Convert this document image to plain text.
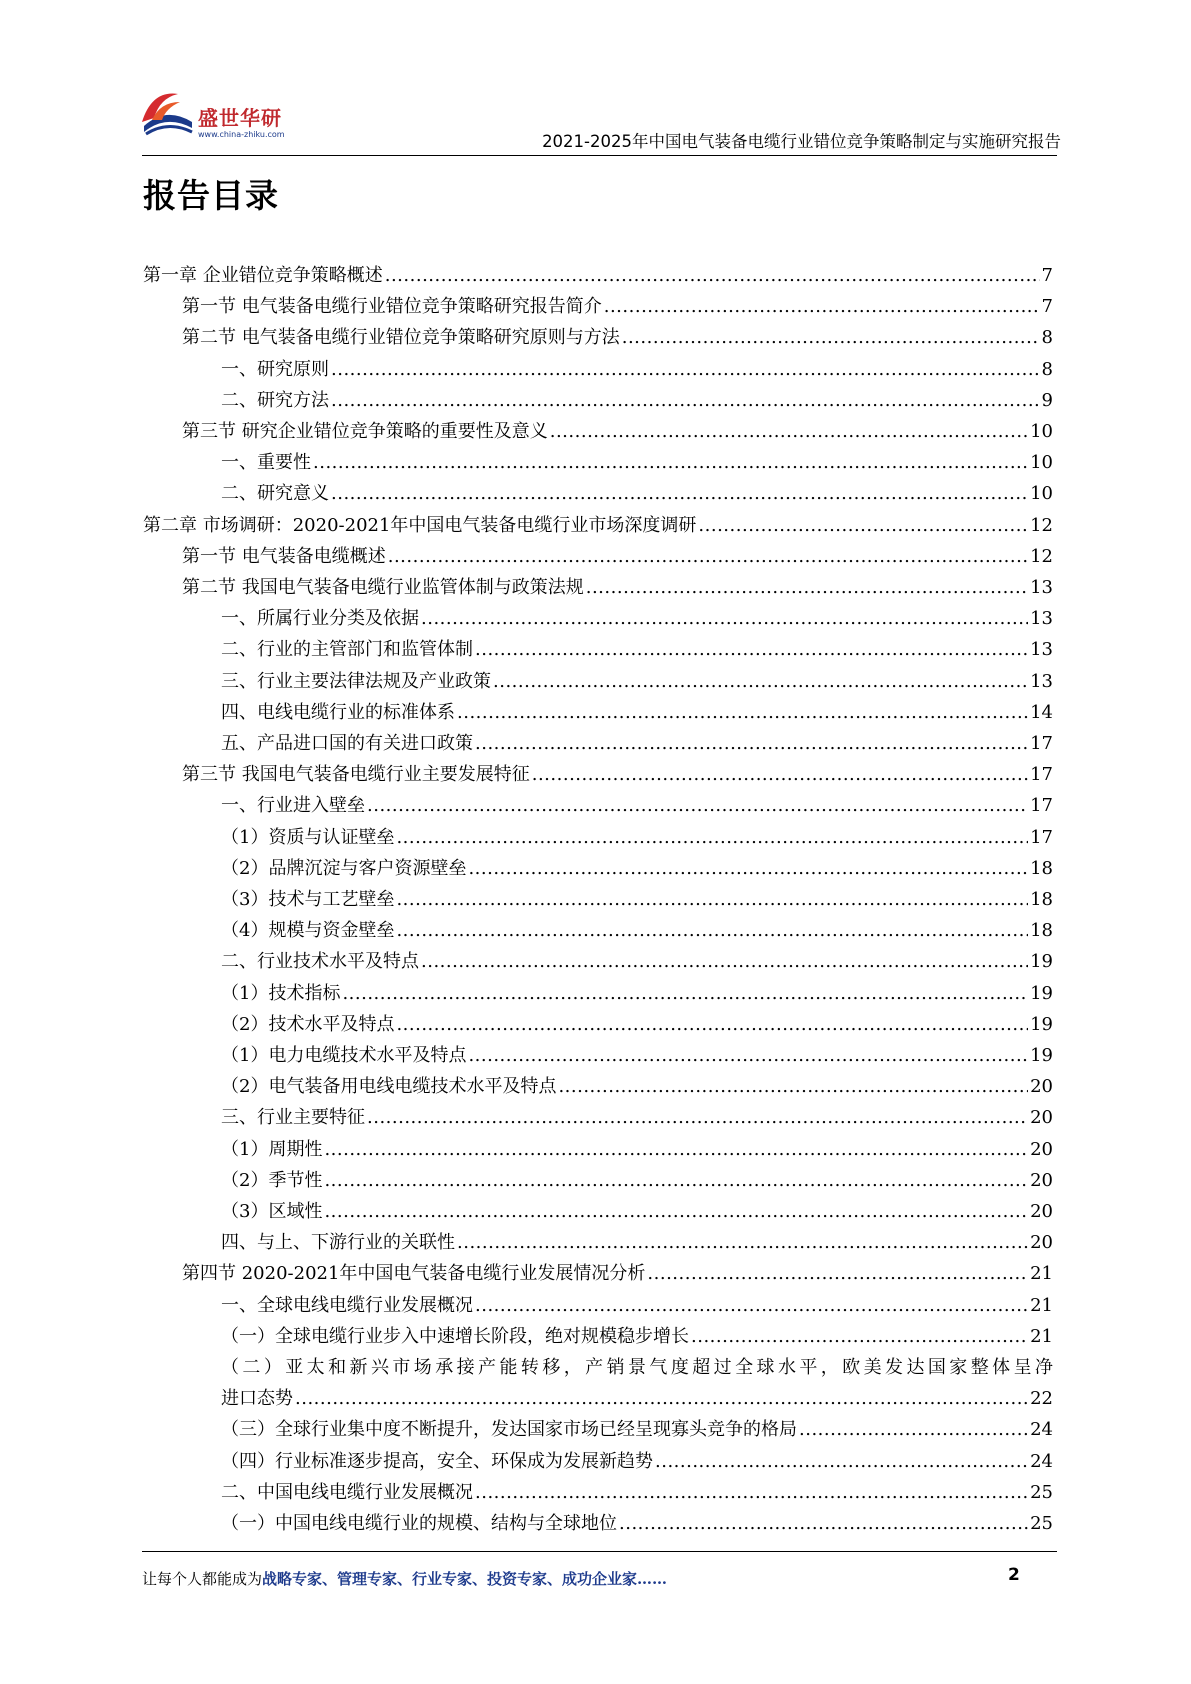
盛世华研
www.china-zhiku.com	2021-2025年中国电气装备电缆行业错位竞争策略制定与实施研究报告
报告目录
第一章 企业错位竞争策略概述 .....	7
第一节 电气装备电缆行业错位竞争策略研究报告简介 .....	7
第二节 电气装备电缆行业错位竞争策略研究原则与方法 .....	8
一、研究原则 .....	8
二、研究方法 .....	9
第三节 研究企业错位竞争策略的重要性及意义 .....	10
一、重要性 .....	10
二、研究意义 .....	10
第二章 市场调研：2020-2021年中国电气装备电缆行业市场深度调研 .....	12
第一节 电气装备电缆概述 .....	12
第二节 我国电气装备电缆行业监管体制与政策法规 .....	13
一、所属行业分类及依据 .....	13
二、行业的主管部门和监管体制 .....	13
三、行业主要法律法规及产业政策 .....	13
四、电线电缆行业的标准体系 .....	14
五、产品进口国的有关进口政策 .....	17
第三节 我国电气装备电缆行业主要发展特征 .....	17
一、行业进入壁垒 .....	17
（1）资质与认证壁垒 .....	17
（2）品牌沉淀与客户资源壁垒 .....	18
（3）技术与工艺壁垒 .....	18
（4）规模与资金壁垒 .....	18
二、行业技术水平及特点 .....	19
（1）技术指标 .....	19
（2）技术水平及特点 .....	19
（1）电力电缆技术水平及特点 .....	19
（2）电气装备用电线电缆技术水平及特点 .....	20
三、行业主要特征 .....	20
（1）周期性 .....	20
（2）季节性 .....	20
（3）区域性 .....	20
四、与上、下游行业的关联性 .....	20
第四节 2020-2021年中国电气装备电缆行业发展情况分析 .....	21
一、全球电线电缆行业发展概况 .....	21
（一）全球电缆行业步入中速增长阶段，绝对规模稳步增长 .....	21
（二）亚太和新兴市场承接产能转移，产销景气度超过全球水平，欧美发达国家整体呈净
进口态势 .....	22
（三）全球行业集中度不断提升，发达国家市场已经呈现寡头竞争的格局 .....	24
（四）行业标准逐步提高，安全、环保成为发展新趋势 .....	24
二、中国电线电缆行业发展概况 .....	25
（一）中国电线电缆行业的规模、结构与全球地位 .....	25
让每个人都能成为战略专家、管理专家、行业专家、投资专家、成功企业家……	2
